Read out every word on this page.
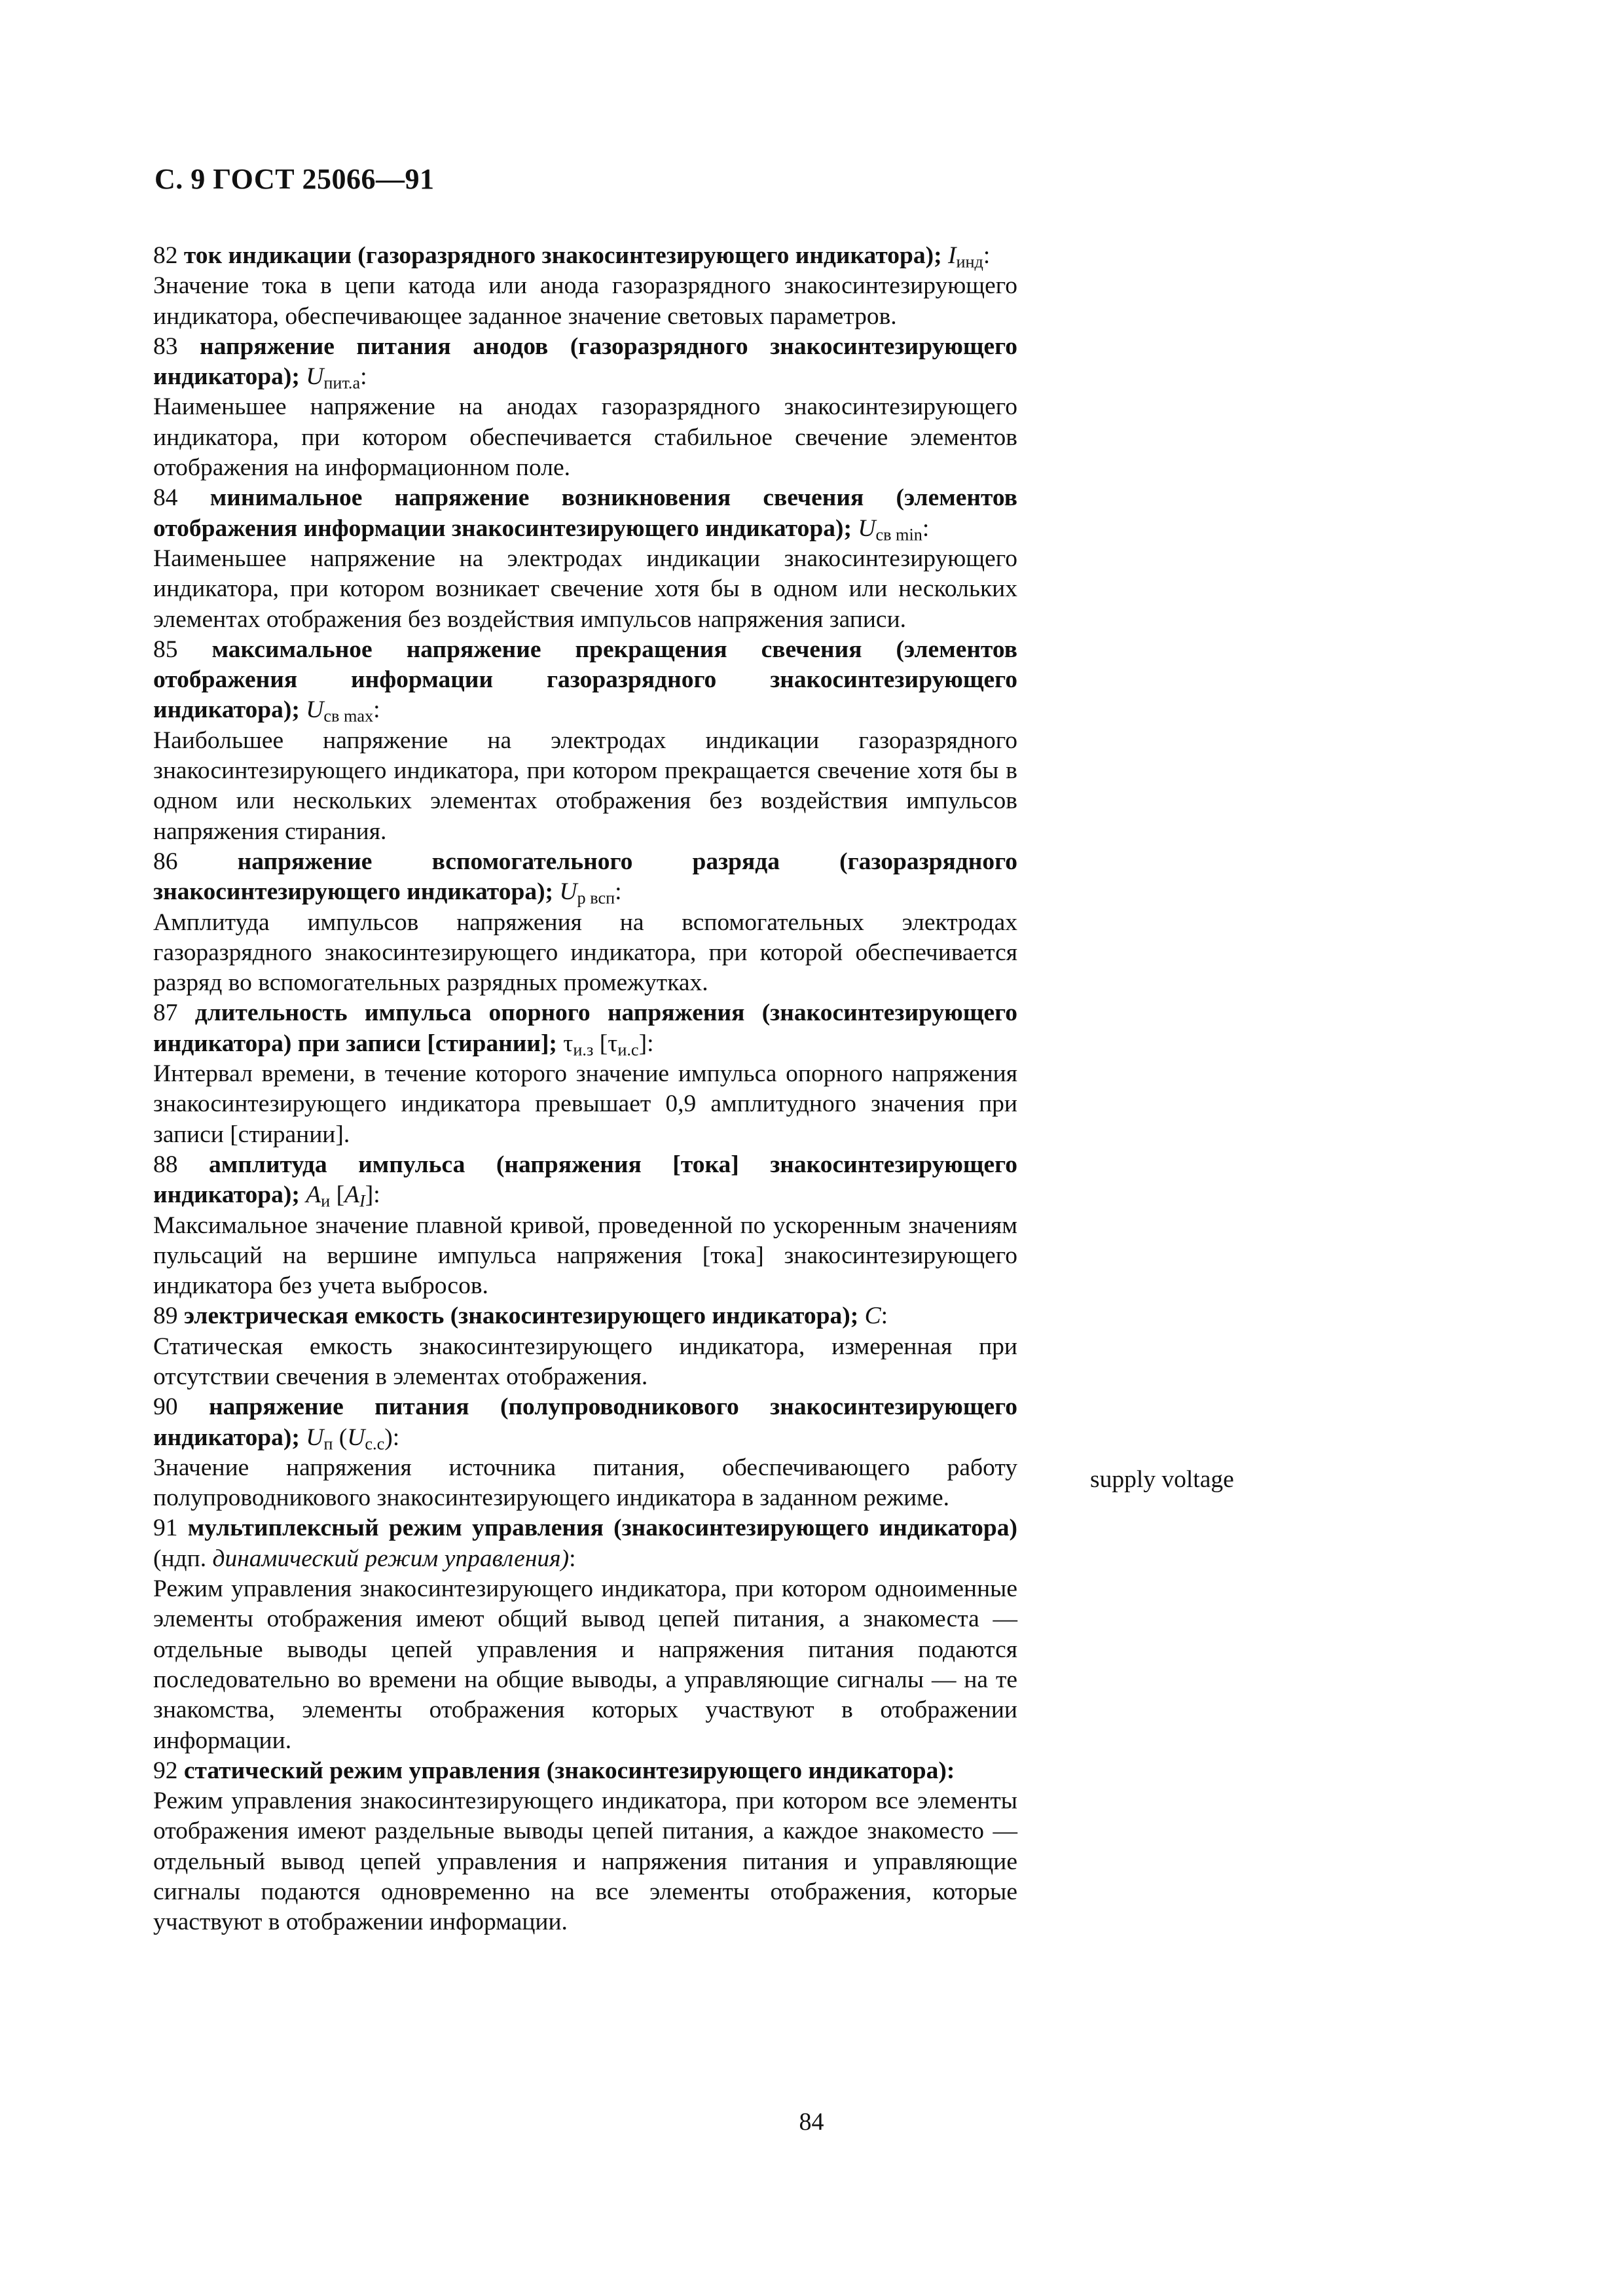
С. 9 ГОСТ 25066—91
82 ток индикации (газоразрядного знакосинтезирующего индикатора); $I_{инд}$:
Значение тока в цепи катода или анода газоразрядного знакосинтезирующего индикатора, обеспечивающее заданное значение световых параметров.
83 напряжение питания анодов (газоразрядного знакосинтезирующего индикатора); $U_{пит.а}$:
Наименьшее напряжение на анодах газоразрядного знакосинтезирующего индикатора, при котором обеспечивается стабильное свечение элементов отображения на информационном поле.
84 минимальное напряжение возникновения свечения (элементов отображения информации знакосинтезирующего индикатора); $U_{св min}$:
Наименьшее напряжение на электродах индикации знакосинтезирующего индикатора, при котором возникает свечение хотя бы в одном или нескольких элементах отображения без воздействия импульсов напряжения записи.
85 максимальное напряжение прекращения свечения (элементов отображения информации газоразрядного знакосинтезирующего индикатора); $U_{св max}$:
Наибольшее напряжение на электродах индикации газоразрядного знакосинтезирующего индикатора, при котором прекращается свечение хотя бы в одном или нескольких элементах отображения без воздействия импульсов напряжения стирания.
86 напряжение вспомогательного разряда (газоразрядного знакосинтезирующего индикатора); $U_{р всп}$:
Амплитуда импульсов напряжения на вспомогательных электродах газоразрядного знакосинтезирующего индикатора, при которой обеспечивается разряд во вспомогательных разрядных промежутках.
87 длительность импульса опорного напряжения (знакосинтезирующего индикатора) при записи [стирании]; $\tau_{и.з}$ $[\tau_{и.с}]$:
Интервал времени, в течение которого значение импульса опорного напряжения знакосинтезирующего индикатора превышает 0,9 амплитудного значения при записи [стирании].
88 амплитуда импульса (напряжения [тока] знакосинтезирующего индикатора); $A_и$ $[A_I]$:
Максимальное значение плавной кривой, проведенной по ускоренным значениям пульсаций на вершине импульса напряжения [тока] знакосинтезирующего индикатора без учета выбросов.
89 электрическая емкость (знакосинтезирующего индикатора); C:
Статическая емкость знакосинтезирующего индикатора, измеренная при отсутствии свечения в элементах отображения.
90 напряжение питания (полупроводникового знакосинтезирующего индикатора); $U_п$ $(U_{с.с})$:
Значение напряжения источника питания, обеспечивающего работу полупроводникового знакосинтезирующего индикатора в заданном режиме.
91 мультиплексный режим управления (знакосинтезирующего индикатора) (ндп. динамический режим управления):
Режим управления знакосинтезирующего индикатора, при котором одноименные элементы отображения имеют общий вывод цепей питания, а знакоместа — отдельные выводы цепей управления и напряжения питания подаются последовательно во времени на общие выводы, а управляющие сигналы — на те знакомства, элементы отображения которых участвуют в отображении информации.
92 статический режим управления (знакосинтезирующего индикатора):
Режим управления знакосинтезирующего индикатора, при котором все элементы отображения имеют раздельные выводы цепей питания, а каждое знакоместо — отдельный вывод цепей управления и напряжения питания и управляющие сигналы подаются одновременно на все элементы отображения, которые участвуют в отображении информации.
supply voltage
84
